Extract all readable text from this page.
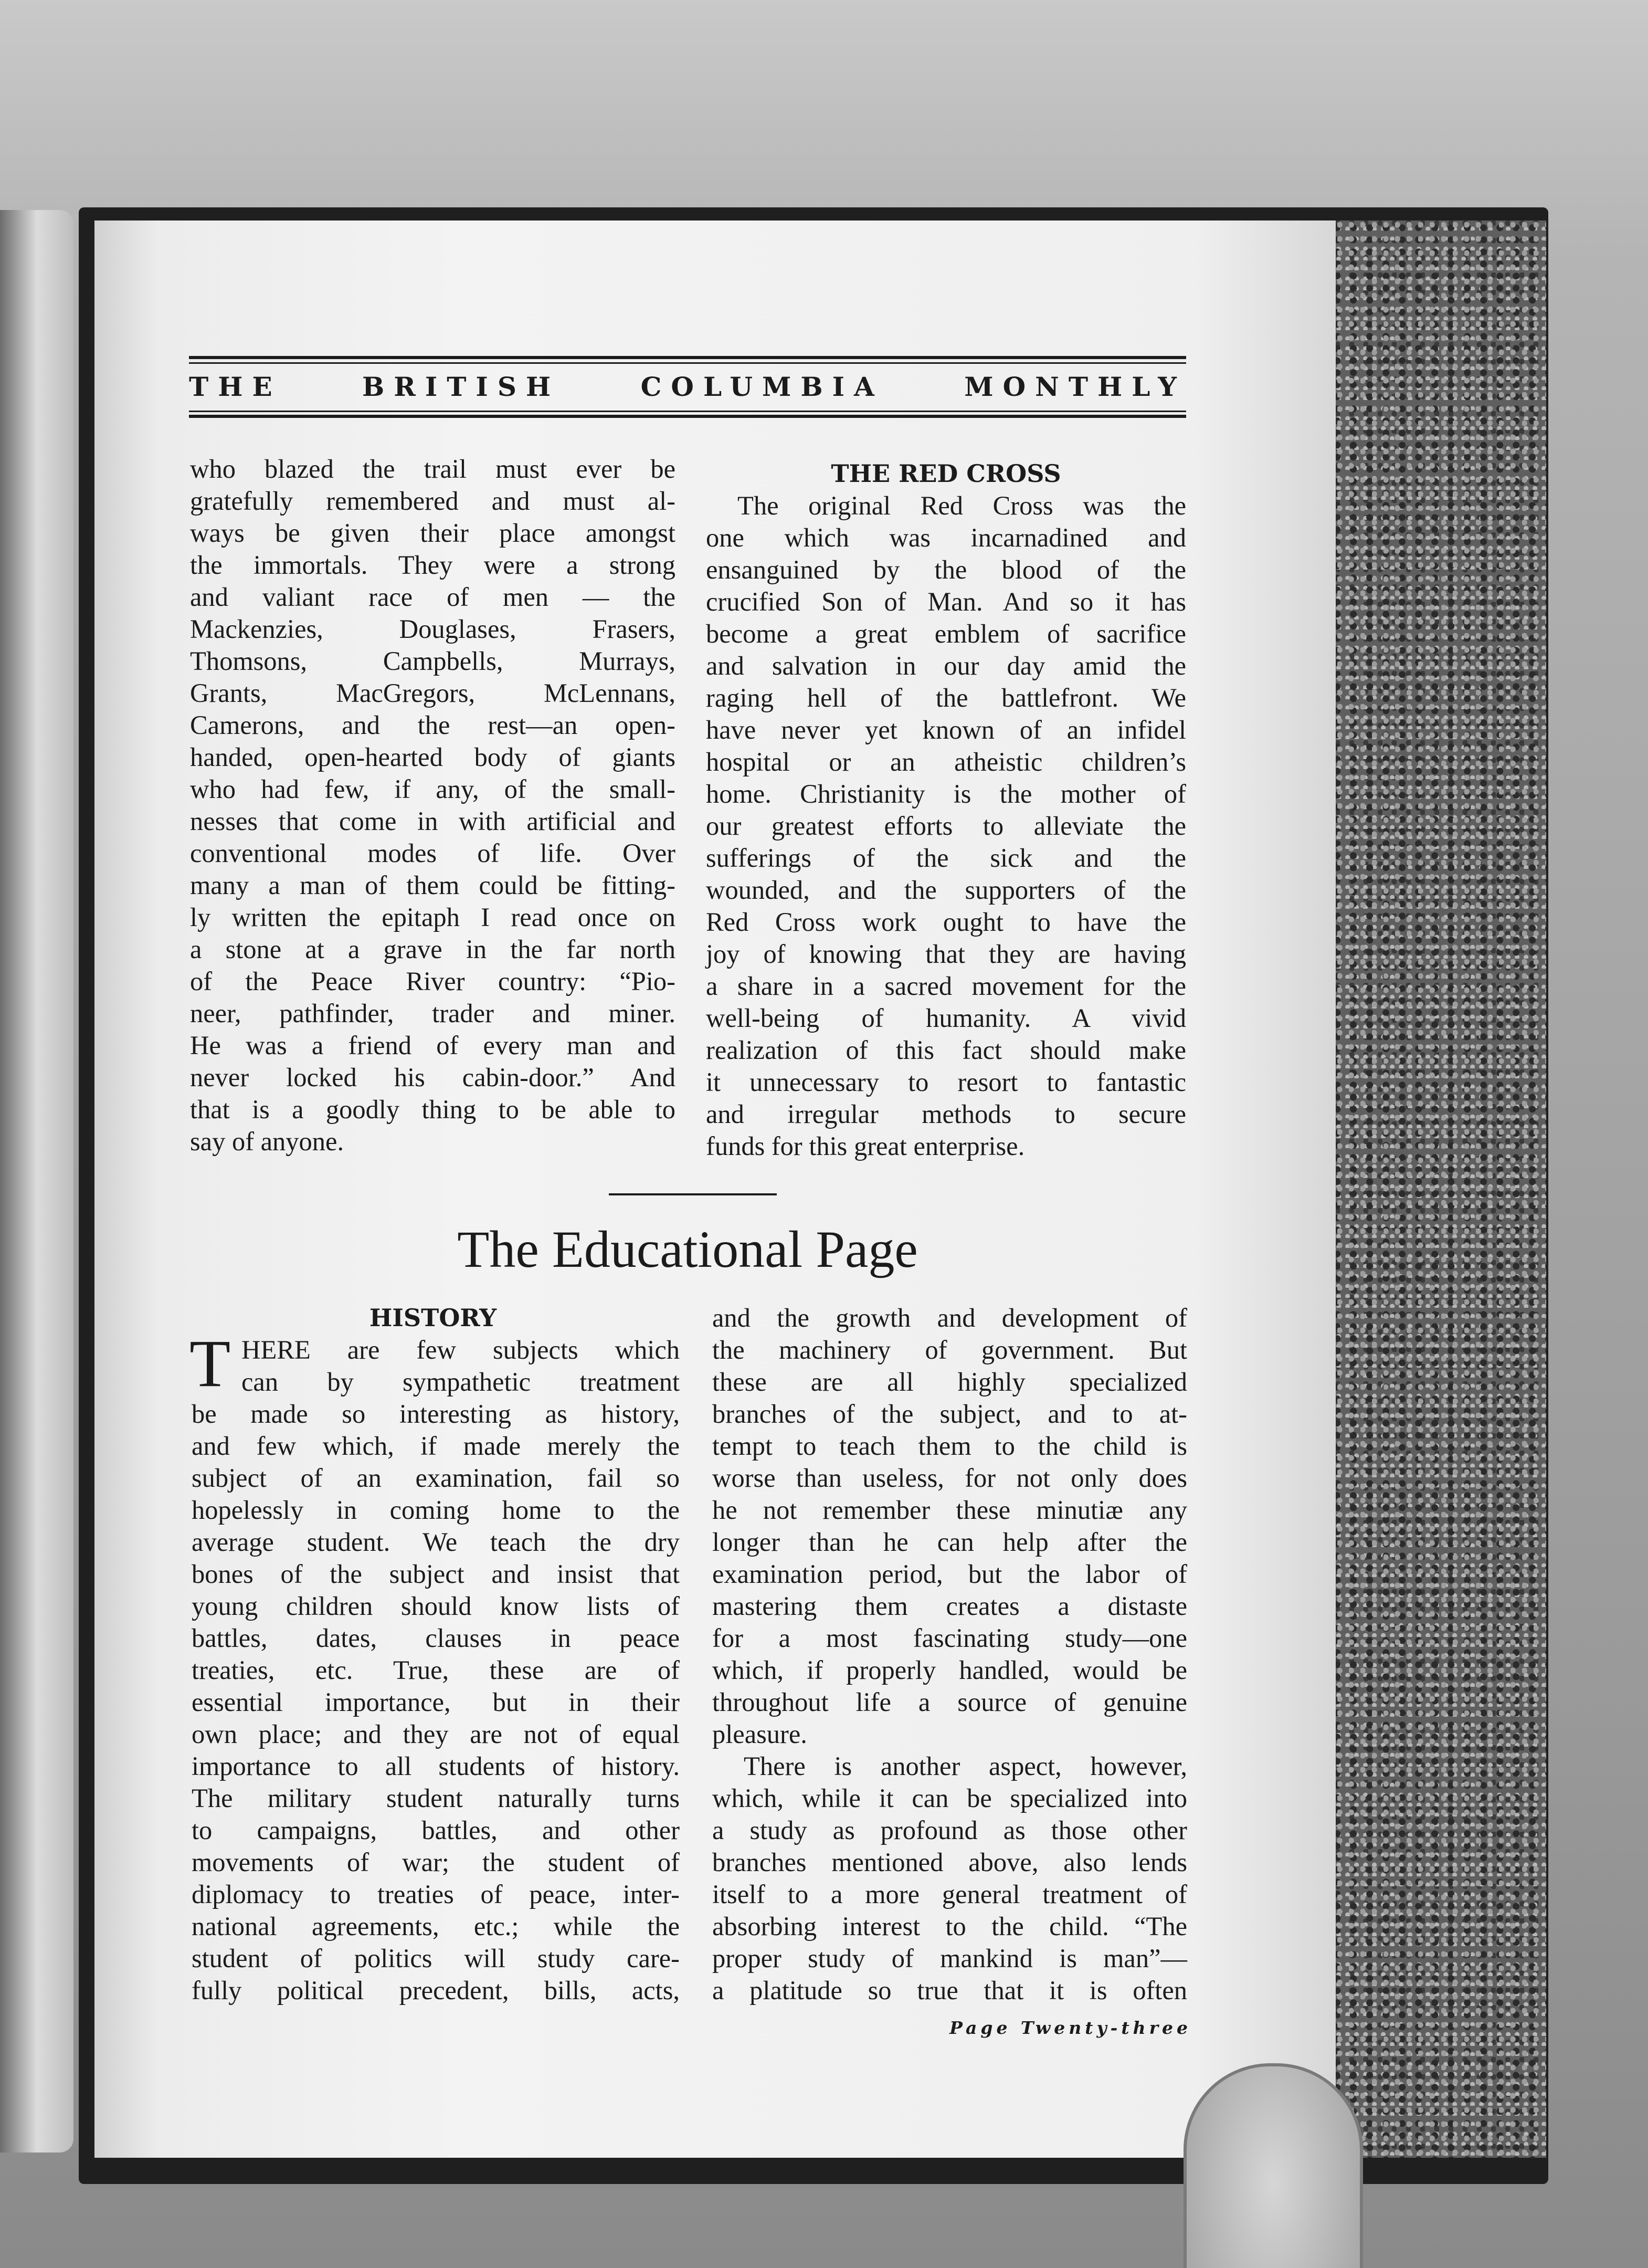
THE	BRITISH	COLUMBIA	MONTHLY
who blazed the trail must ever be
gratefully remembered and must al-
ways be given their place amongst
the immortals. They were a strong
and valiant race of men — the
Mackenzies, Douglases, Frasers,
Thomsons, Campbells, Murrays,
Grants, MacGregors, McLennans,
Camerons, and the rest—an open-
handed, open-hearted body of giants
who had few, if any, of the small-
nesses that come in with artificial and
conventional modes of life. Over
many a man of them could be fitting-
ly written the epitaph I read once on
a stone at a grave in the far north
of the Peace River country: “Pio-
neer, pathfinder, trader and miner.
He was a friend of every man and
never locked his cabin-door.” And
that is a goodly thing to be able to
say of anyone.
THE RED CROSS
The original Red Cross was the
one which was incarnadined and
ensanguined by the blood of the
crucified Son of Man. And so it has
become a great emblem of sacrifice
and salvation in our day amid the
raging hell of the battlefront. We
have never yet known of an infidel
hospital or an atheistic children’s
home. Christianity is the mother of
our greatest efforts to alleviate the
sufferings of the sick and the
wounded, and the supporters of the
Red Cross work ought to have the
joy of knowing that they are having
a share in a sacred movement for the
well-being of humanity. A vivid
realization of this fact should make
it unnecessary to resort to fantastic
and irregular methods to secure
funds for this great enterprise.
The Educational Page
HISTORY
T HERE are few subjects which
can by sympathetic treatment
be made so interesting as history,
and few which, if made merely the
subject of an examination, fail so
hopelessly in coming home to the
average student. We teach the dry
bones of the subject and insist that
young children should know lists of
battles, dates, clauses in peace
treaties, etc. True, these are of
essential importance, but in their
own place; and they are not of equal
importance to all students of history.
The military student naturally turns
to campaigns, battles, and other
movements of war; the student of
diplomacy to treaties of peace, inter-
national agreements, etc.; while the
student of politics will study care-
fully political precedent, bills, acts,
and the growth and development of
the machinery of government. But
these are all highly specialized
branches of the subject, and to at-
tempt to teach them to the child is
worse than useless, for not only does
he not remember these minutiæ any
longer than he can help after the
examination period, but the labor of
mastering them creates a distaste
for a most fascinating study—one
which, if properly handled, would be
throughout life a source of genuine
pleasure.
There is another aspect, however,
which, while it can be specialized into
a study as profound as those other
branches mentioned above, also lends
itself to a more general treatment of
absorbing interest to the child. “The
proper study of mankind is man”—
a platitude so true that it is often
Page Twenty-three
